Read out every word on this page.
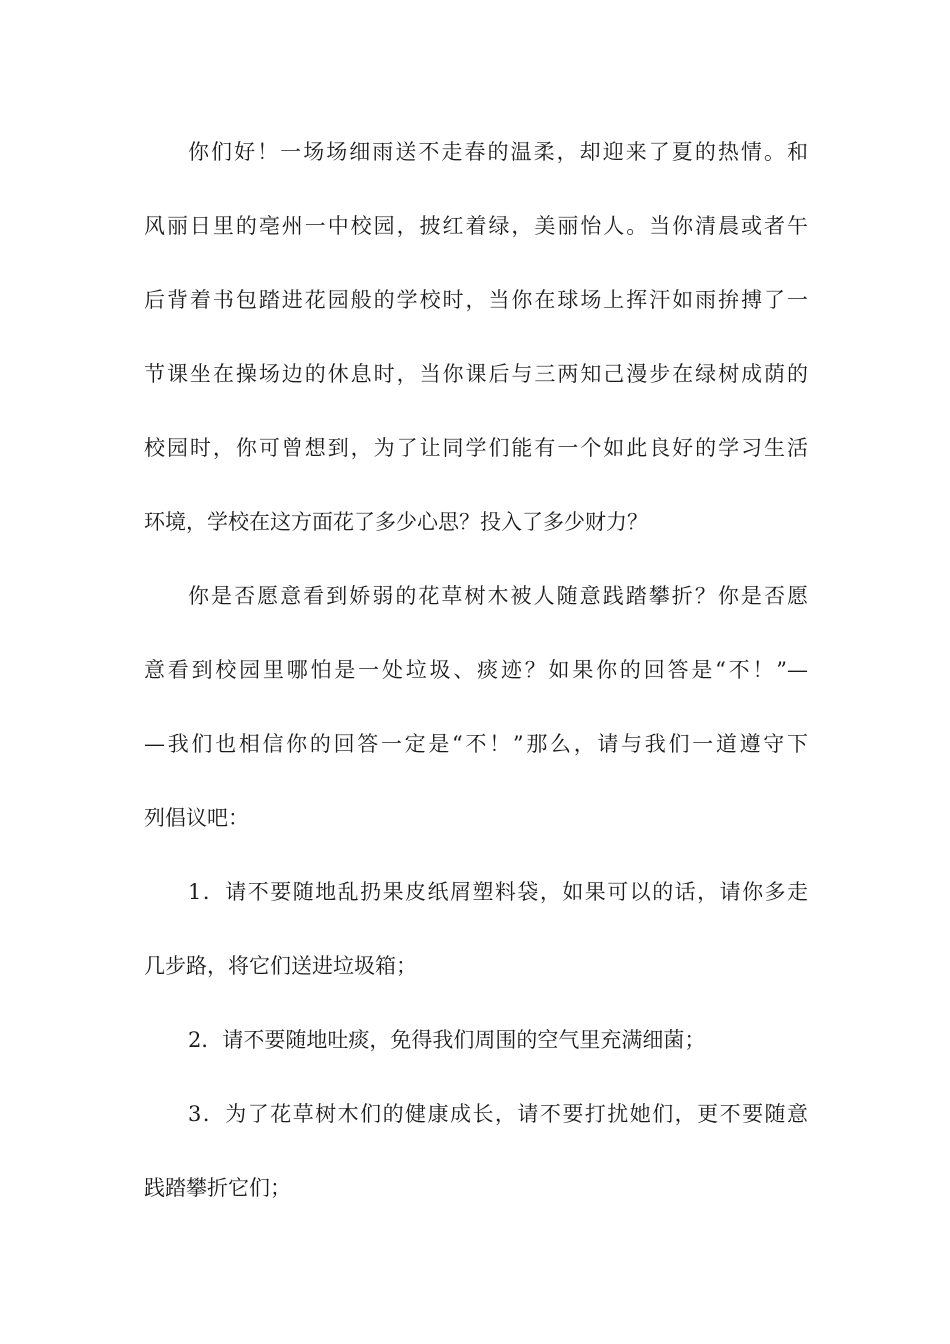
你们好！一场场细雨送不走春的温柔，却迎来了夏的热情。和
风丽日里的亳州一中校园，披红着绿，美丽怡人。当你清晨或者午
后背着书包踏进花园般的学校时，当你在球场上挥汗如雨拚搏了一
节课坐在操场边的休息时，当你课后与三两知己漫步在绿树成荫的
校园时，你可曾想到，为了让同学们能有一个如此良好的学习生活
环境，学校在这方面花了多少心思？投入了多少财力？
你是否愿意看到娇弱的花草树木被人随意践踏攀折？你是否愿
意看到校园里哪怕是一处垃圾、痰迹？如果你的回答是“不！”—
—我们也相信你的回答一定是“不！”那么，请与我们一道遵守下
列倡议吧：
1．请不要随地乱扔果皮纸屑塑料袋，如果可以的话，请你多走
几步路，将它们送进垃圾箱；
2．请不要随地吐痰，免得我们周围的空气里充满细菌；
3．为了花草树木们的健康成长，请不要打扰她们，更不要随意
践踏攀折它们；
